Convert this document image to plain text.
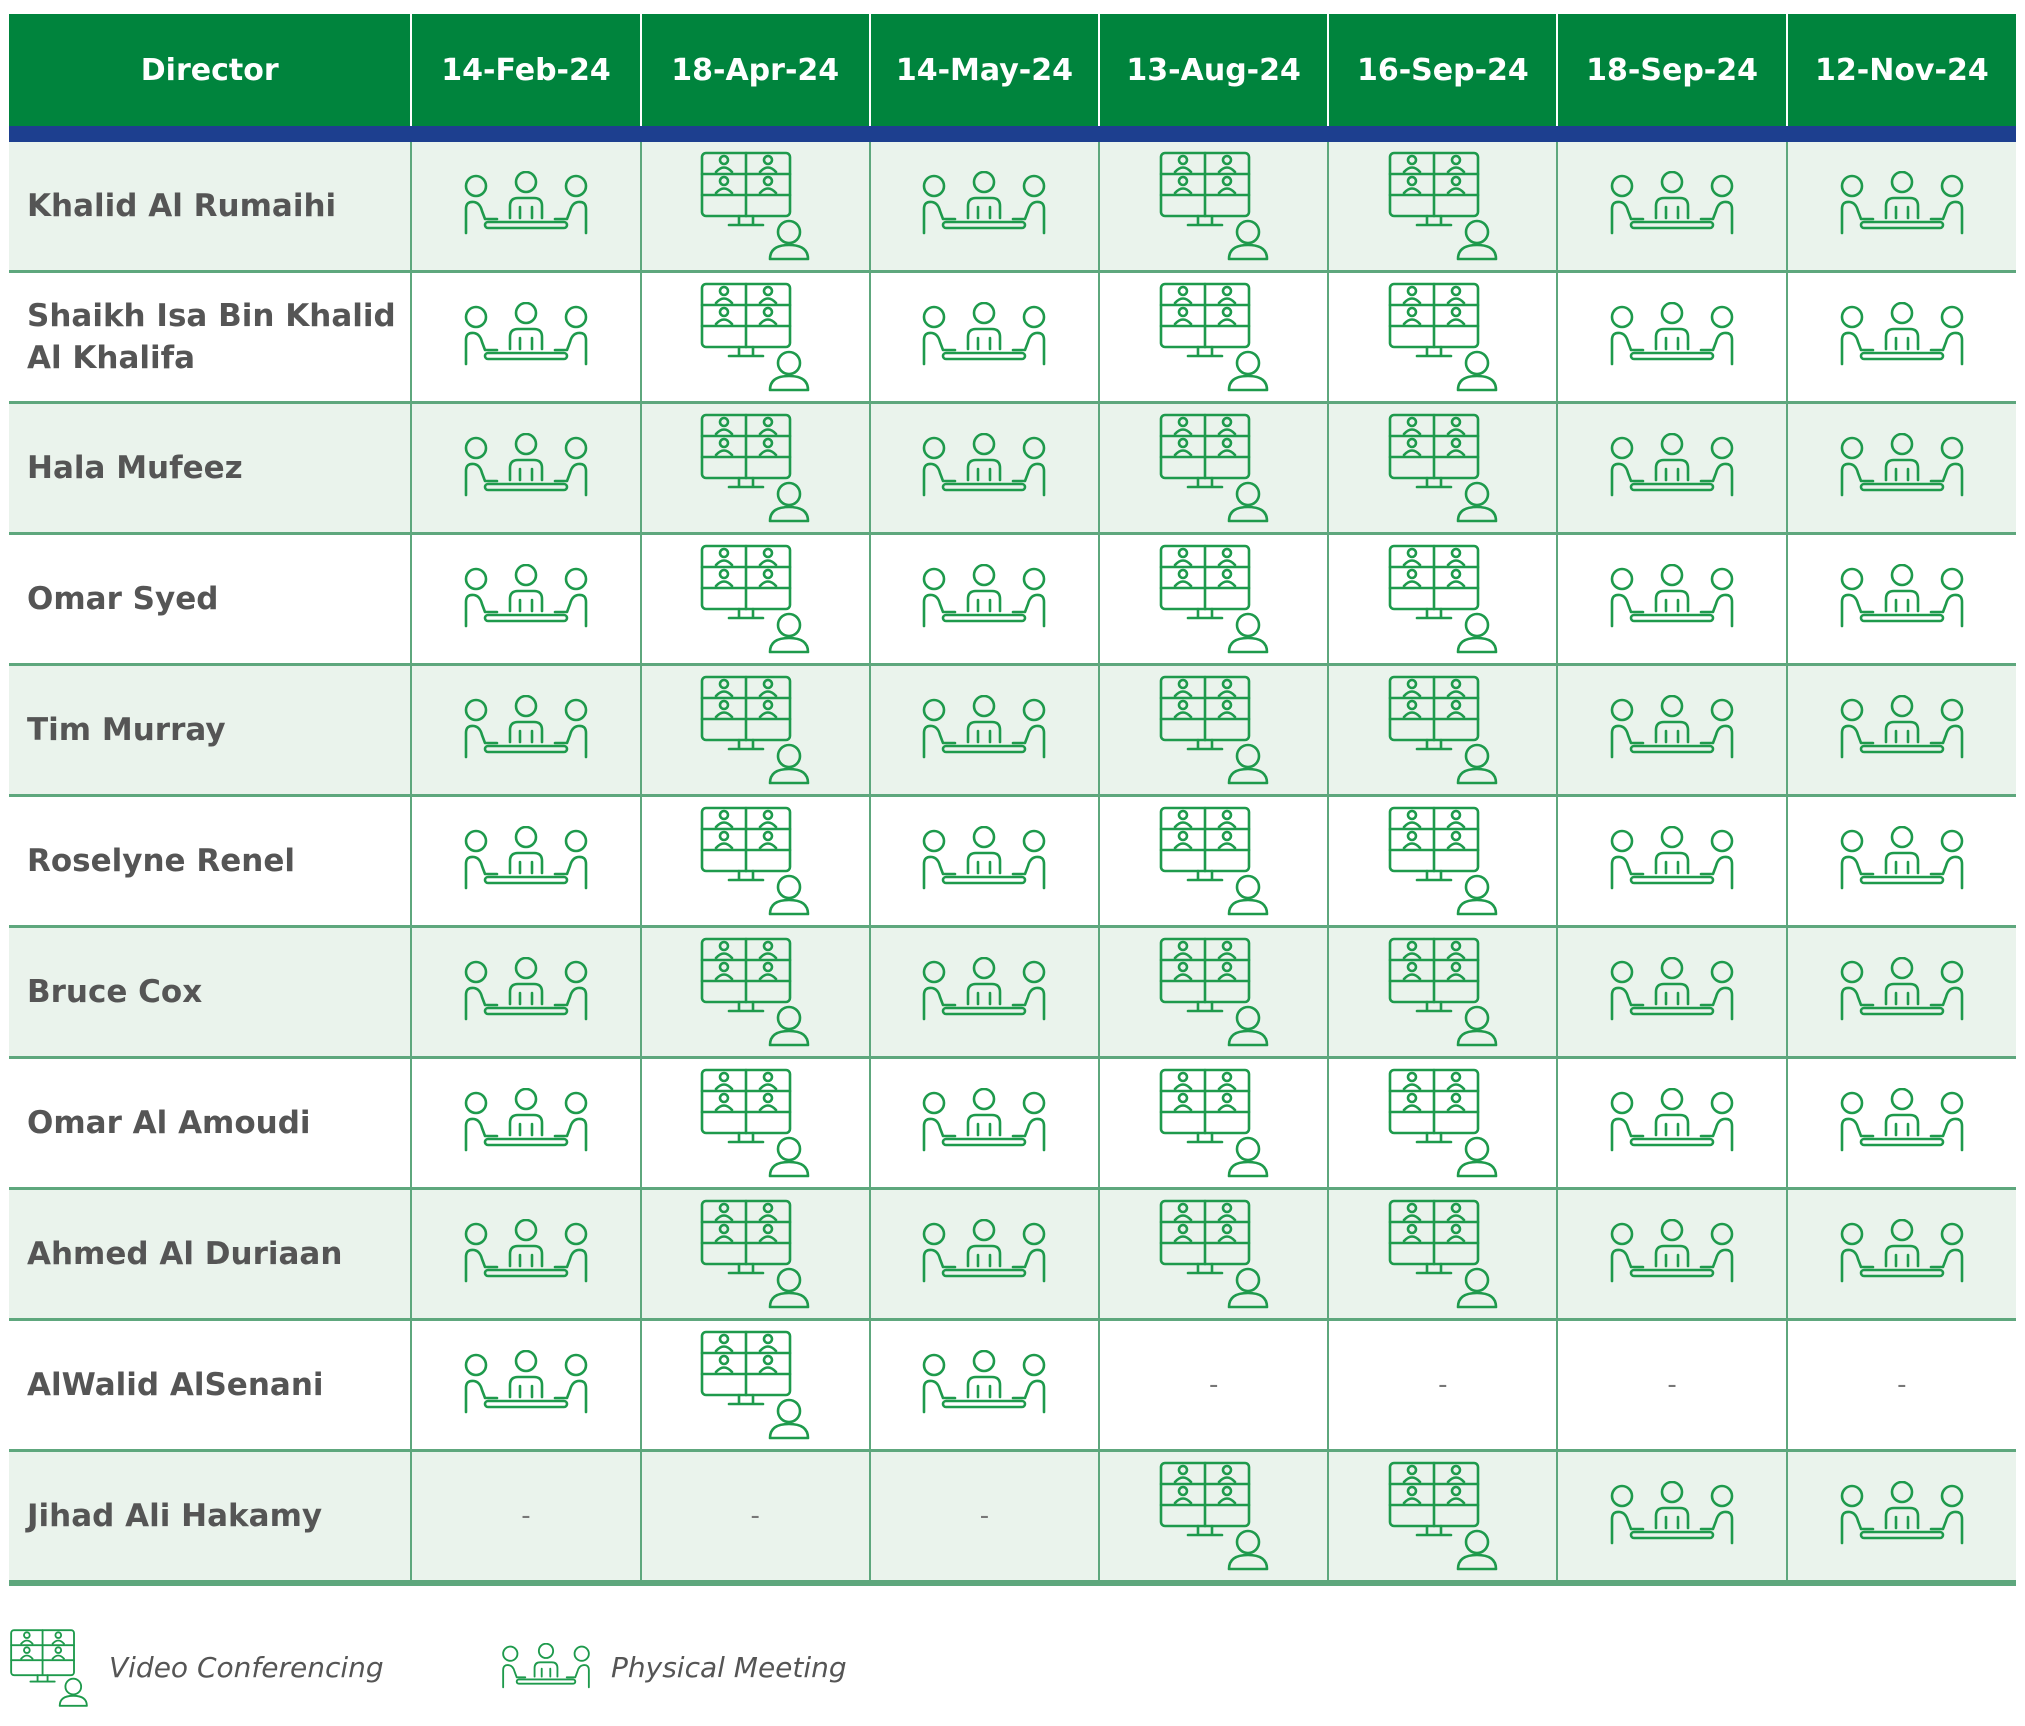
Director	14-Feb-24	18-Apr-24	14-May-24	13-Aug-24	16-Sep-24	18-Sep-24	12-Nov-24

Khalid Al Rumaihi	

Shaikh Isa Bin Khalid Al Khalifa	

Hala Mufeez	

Omar Syed	

Tim Murray	

Roselyne Renel	

Bruce Cox	

Omar Al Amoudi	

Ahmed Al Duriaan	

AlWalid AlSenani				-	-	-	-
Jihad Ali Hakamy	-	-	-	

Video Conferencing	Physical Meeting
